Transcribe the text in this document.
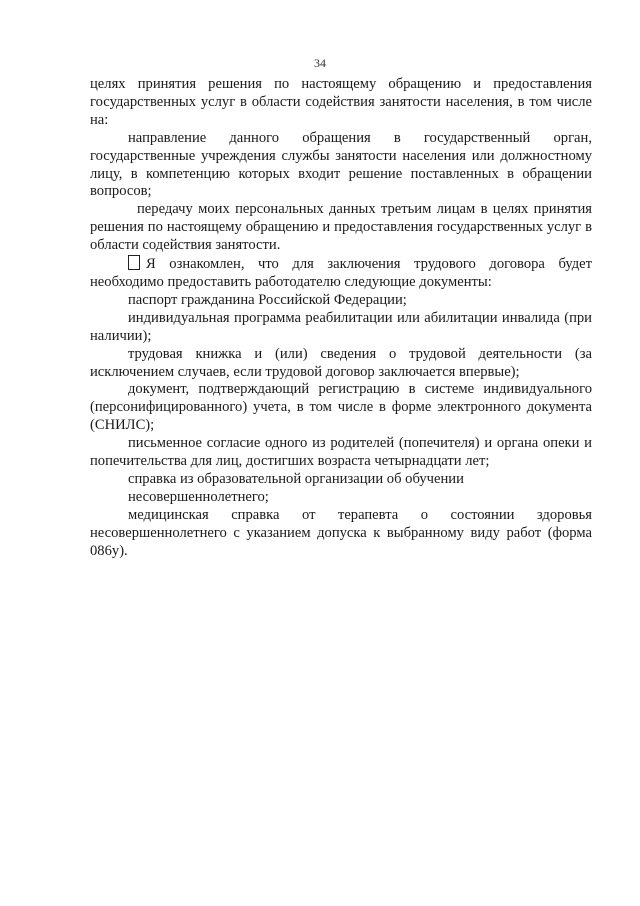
34

целях принятия решения по настоящему обращению и предоставления государственных услуг в области содействия занятости населения, в том числе на:

направление данного обращения в государственный орган, государственные учреждения службы занятости населения или должностному лицу, в компетенцию которых входит решение поставленных в обращении вопросов;

передачу моих персональных данных третьим лицам в целях принятия решения по настоящему обращению и предоставления государственных услуг в области содействия занятости.

Я ознакомлен, что для заключения трудового договора будет необходимо предоставить работодателю следующие документы:

паспорт гражданина Российской Федерации;

индивидуальная программа реабилитации или абилитации инвалида (при наличии);

трудовая книжка и (или) сведения о трудовой деятельности (за исключением случаев, если трудовой договор заключается впервые);

документ, подтверждающий регистрацию в системе индивидуального (персонифицированного) учета, в том числе в форме электронного документа (СНИЛС);

письменное согласие одного из родителей (попечителя) и органа опеки и попечительства для лиц, достигших возраста четырнадцати лет;

справка из образовательной организации об обучении

несовершеннолетнего;

медицинская справка от терапевта о состоянии здоровья несовершеннолетнего с указанием допуска к выбранному виду работ (форма 086у).
